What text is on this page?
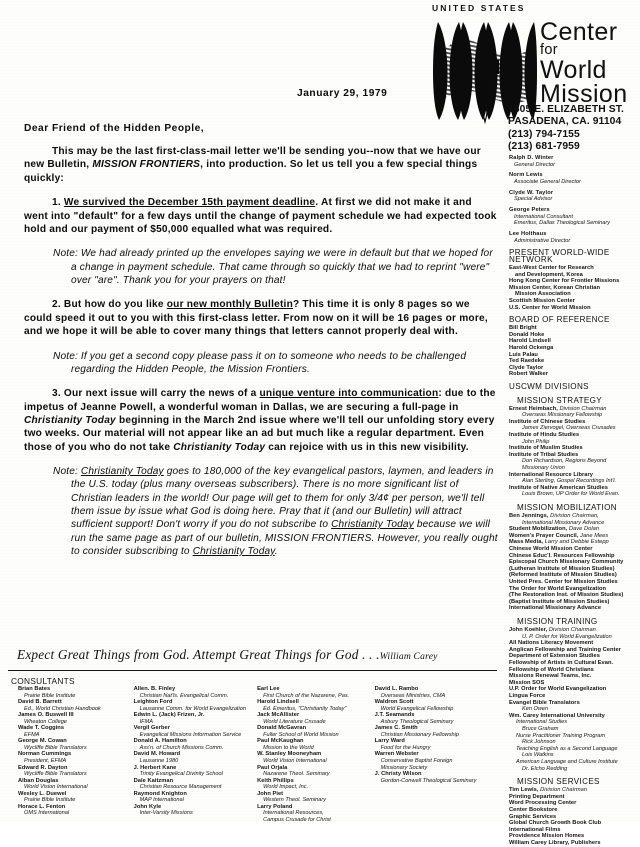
UNITED STATES
Center
for
World
Mission
1605 E. ELIZABETH ST.
PASADENA, CA. 91104
(213) 794-7155
(213) 681-7959
Ralph D. Winter
General Director
Norm Lewis
Associate General Director
Clyde W. Taylor
Special Advisor
George Peters
International Consultant
Emeritus, Dallas Theological Seminary
Lee Holthaus
Administrative Director
PRESENT WORLD-WIDE NETWORK
East-West Center for Research
and Development, Korea
Hong Kong Center for Frontier Missions
Mission Center, Korean Christian
Mission Association
Scottish Mission Center
U.S. Center for World Mission
BOARD OF REFERENCE
Bill Bright
Donald Hoke
Harold Lindsell
Harold Ockenga
Luis Palau
Ted Raedeke
Clyde Taylor
Robert Walker
USCWM DIVISIONS
MISSION STRATEGY
Ernest Heimbach, Division Chairman
Overseas Missionary Fellowship
Institute of Chinese Studies
James Ziervogel, Overseas Crusades
Institute of Hindu Studies
John Philip
Institute of Muslim Studies
Institute of Tribal Studies
Don Richardson, Regions Beyond
Missionary Union
International Resource Library
Alan Sterling, Gospel Recordings Int'l.
Institute of Native American Studies
Louis Brown, UP Order for World Evan.
MISSION MOBILIZATION
Ben Jennings, Division Chairman,
International Missionary Advance
Student Mobilization, Dave Dolan
Women's Prayer Council, Jane Mees
Mass Media, Larry and Debbie Estepp
Chinese World Mission Center
Chinese Educ'l. Resources Fellowship
Episcopal Church Missionary Community
(Lutheran Institute of Mission Studies)
(Reformed Institute of Mission Studies)
United Pres. Center for Mission Studies
The Order for World Evangelization
(The Restoration Inst. of Mission Studies)
(Baptist Institute of Mission Studies)
International Missionary Advance
MISSION TRAINING
John Koehler, Division Chairman
U. P. Order for World Evangelization
All Nations Literacy Movement
Anglican Fellowship and Training Center
Department of Extension Studies
Fellowship of Artists in Cultural Evan.
Fellowship of World Christians
Missions Renewal Teams, Inc.
Mission SOS
U.P. Order for World Evangelization
Lingua Force
Evangel Bible Translators
Ken Owen
Wm. Carey International University
International Studies
Bruce Graham
Nurse Practitioner Training Program
Rick Johnson
Teaching English as a Second Language
Lois Watkins
American Language and Culture Institute
Dr. Elcho Redding
MISSION SERVICES
Tim Lewis, Division Chairman
Printing Department
Word Processing Center
Center Bookstore
Graphic Services
Global Church Growth Book Club
International Films
Providence Mission Homes
William Carey Library, Publishers
January 29, 1979
Dear Friend of the Hidden People,

This may be the last first-class-mail letter we'll be sending you--now that we have our new Bulletin, MISSION FRONTIERS, into production. So let us tell you a few special things quickly:

1. We survived the December 15th payment deadline. At first we did not make it and went into "default" for a few days until the change of payment schedule we had expected took hold and our payment of $50,000 equalled what was required.

Note: We had already printed up the envelopes saying we were in default but that we hoped for a change in payment schedule. That came through so quickly that we had to reprint "were" over "are". Thank you for your prayers on that!

2. But how do you like our new monthly Bulletin? This time it is only 8 pages so we could speed it out to you with this first-class letter. From now on it will be 16 pages or more, and we hope it will be able to cover many things that letters cannot properly deal with.

Note: If you get a second copy please pass it on to someone who needs to be challenged regarding the Hidden People, the Mission Frontiers.

3. Our next issue will carry the news of a unique venture into communication: due to the impetus of Jeanne Powell, a wonderful woman in Dallas, we are securing a full-page in Christianity Today beginning in the March 2nd issue where we'll tell our unfolding story every two weeks. Our material will not appear like an ad but much like a regular department. Even those of you who do not take Christianity Today can rejoice with us in this new visibility.

Note: Christianity Today goes to 180,000 of the key evangelical pastors, laymen, and leaders in the U.S. today (plus many overseas subscribers). There is no more significant list of Christian leaders in the world! Our page will get to them for only 3/4¢ per person, we'll tell them issue by issue what God is doing here. Pray that it (and our Bulletin) will attract sufficient support! Don't worry if you do not subscribe to Christianity Today because we will run the same page as part of our bulletin, MISSION FRONTIERS. However, you really ought to consider subscribing to Christianity Today.

Expect Great Things from God. Attempt Great Things for God . . .William Carey
CONSULTANTS
Brian Bates
Prairie Bible Institute
David B. Barrett
Ed., World Christian Handbook
James O. Buswell III
Wheaton College
Wade T. Coggins
EFMA
George M. Cowan
Wycliffe Bible Translators
Norman Cummings
President, EFMA
Edward R. Dayton
Wycliffe Bible Translators
Alban Douglas
World Vision International
Wesley L. Duewel
Prairie Bible Institute
Horace L. Fenton
OMS International
Allen. B. Finley
Christian Nat'ls. Evangelical Comm.
Leighton Ford
Lausanne Comm. for World Evangelization
Edwin L. (Jack) Frizen, Jr.
IFMA
Vergil Gerber
Evangelical Missions Information Service
Donald A. Hamilton
Ass'n. of Church Missions Comm.
David M. Howard
Lausanne 1980
J. Herbert Kane
Trinity Evangelical Divinity School
Dale Kaitzman
Christian Resource Management
Raymond Knighton
MAP International
John Kyle
Inter-Varsity Missions
Earl Lee
First Church of the Nazarene, Pas.
Harold Lindsell
Ed. Emeritus, "Christianity Today"
Jack McAllister
World Literature Crusade
Donald McGavran
Fuller School of World Mission
Paul McKaughan
Mission to the World
W. Stanley Mooneyham
World Vision International
Paul Orjala
Nazarene Theol. Seminary
Keith Phillips
World Impact, Inc.
John Piet
Western Theol. Seminary
Larry Poland
International Resources,
Campus Crusade for Christ
David L. Rambo
Overseas Ministries, CMA
Waldron Scott
World Evangelical Fellowship
J.T. Seamands
Asbury Theological Seminary
James C. Smith
Christian Missionary Fellowship
Larry Ward
Food for the Hungry
Warren Webster
Conservative Baptist Foreign
Missionary Society
J. Christy Wilson
Gordon-Conwell Theological Seminary
